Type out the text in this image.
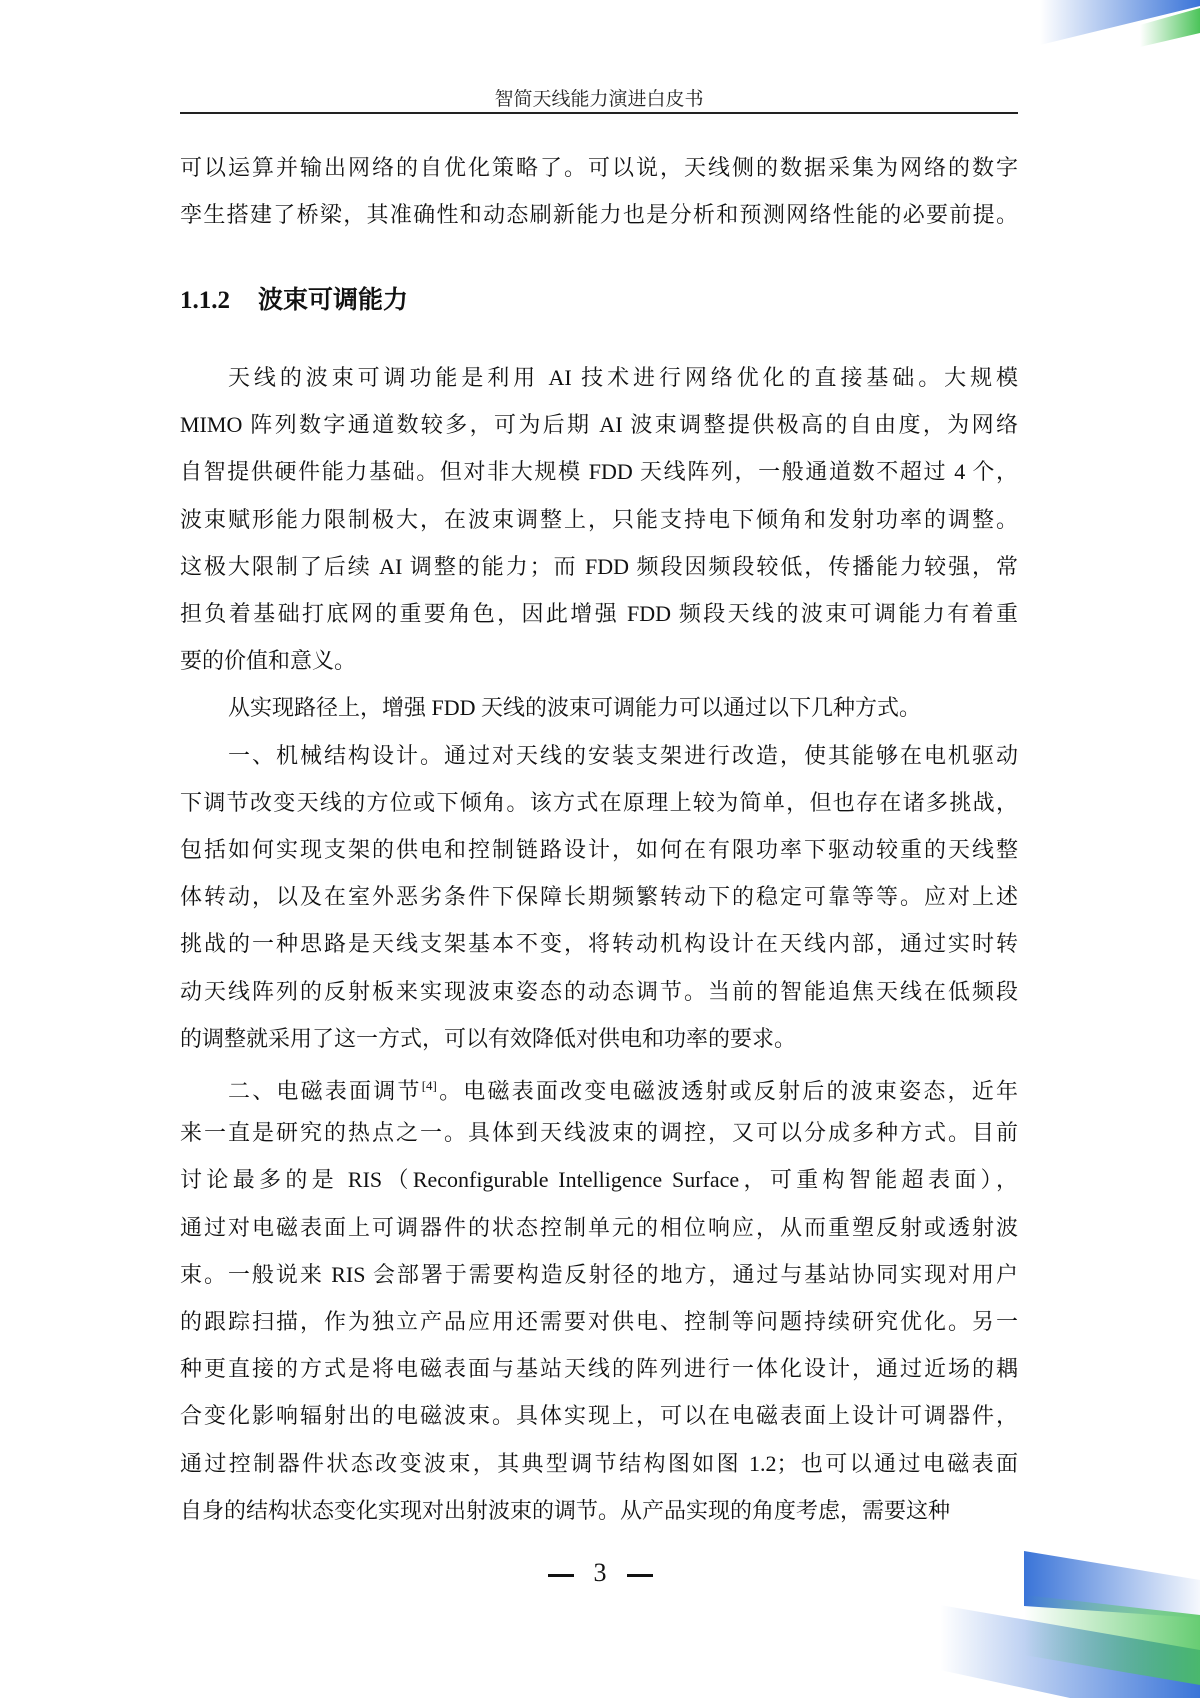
智简天线能力演进白皮书
可以运算并输出网络的自优化策略了。可以说，天线侧的数据采集为网络的数字
孪生搭建了桥梁，其准确性和动态刷新能力也是分析和预测网络性能的必要前提。
1.1.2 波束可调能力
天线的波束可调功能是利用 AI 技术进行网络优化的直接基础。大规模
MIMO 阵列数字通道数较多，可为后期 AI 波束调整提供极高的自由度，为网络
自智提供硬件能力基础。但对非大规模 FDD 天线阵列，一般通道数不超过 4 个，
波束赋形能力限制极大，在波束调整上，只能支持电下倾角和发射功率的调整。
这极大限制了后续 AI 调整的能力；而 FDD 频段因频段较低，传播能力较强，常
担负着基础打底网的重要角色，因此增强 FDD 频段天线的波束可调能力有着重
要的价值和意义。
从实现路径上，增强 FDD 天线的波束可调能力可以通过以下几种方式。
一、机械结构设计。通过对天线的安装支架进行改造，使其能够在电机驱动
下调节改变天线的方位或下倾角。该方式在原理上较为简单，但也存在诸多挑战，
包括如何实现支架的供电和控制链路设计，如何在有限功率下驱动较重的天线整
体转动，以及在室外恶劣条件下保障长期频繁转动下的稳定可靠等等。应对上述
挑战的一种思路是天线支架基本不变，将转动机构设计在天线内部，通过实时转
动天线阵列的反射板来实现波束姿态的动态调节。当前的智能追焦天线在低频段
的调整就采用了这一方式，可以有效降低对供电和功率的要求。
二、电磁表面调节[4]。电磁表面改变电磁波透射或反射后的波束姿态，近年
来一直是研究的热点之一。具体到天线波束的调控，又可以分成多种方式。目前
讨论最多的是 RIS（Reconfigurable Intelligence Surface，可重构智能超表面），
通过对电磁表面上可调器件的状态控制单元的相位响应，从而重塑反射或透射波
束。一般说来 RIS 会部署于需要构造反射径的地方，通过与基站协同实现对用户
的跟踪扫描，作为独立产品应用还需要对供电、控制等问题持续研究优化。另一
种更直接的方式是将电磁表面与基站天线的阵列进行一体化设计，通过近场的耦
合变化影响辐射出的电磁波束。具体实现上，可以在电磁表面上设计可调器件，
通过控制器件状态改变波束，其典型调节结构图如图 1.2；也可以通过电磁表面
自身的结构状态变化实现对出射波束的调节。从产品实现的角度考虑，需要这种
3
